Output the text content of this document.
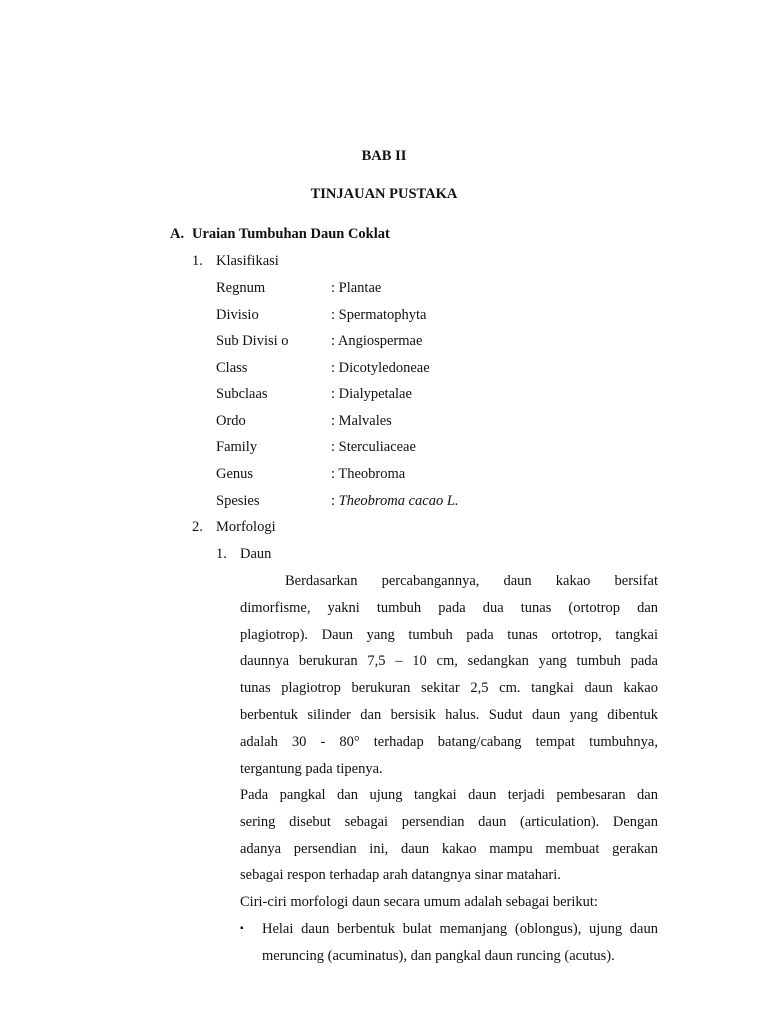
BAB II
TINJAUAN PUSTAKA
A. Uraian Tumbuhan Daun Coklat
1. Klasifikasi
Regnum	: Plantae
Divisio	: Spermatophyta
Sub Divisi o	: Angiospermae
Class	: Dicotyledoneae
Subclaas	: Dialypetalae
Ordo	: Malvales
Family	: Sterculiaceae
Genus	: Theobroma
Spesies	: Theobroma cacao L.
2. Morfologi
1. Daun
Berdasarkan percabangannya, daun kakao bersifat
dimorfisme, yakni tumbuh pada dua tunas (ortotrop dan
plagiotrop). Daun yang tumbuh pada tunas ortotrop, tangkai
daunnya berukuran 7,5 – 10 cm, sedangkan yang tumbuh pada
tunas plagiotrop berukuran sekitar 2,5 cm. tangkai daun kakao
berbentuk silinder dan bersisik halus. Sudut daun yang dibentuk
adalah 30 - 80° terhadap batang/cabang tempat tumbuhnya,
tergantung pada tipenya.
Pada pangkal dan ujung tangkai daun terjadi pembesaran dan
sering disebut sebagai persendian daun (articulation). Dengan
adanya persendian ini, daun kakao mampu membuat gerakan
sebagai respon terhadap arah datangnya sinar matahari.
Ciri-ciri morfologi daun secara umum adalah sebagai berikut:
▪ Helai daun berbentuk bulat memanjang (oblongus), ujung daun
meruncing (acuminatus), dan pangkal daun runcing (acutus).
